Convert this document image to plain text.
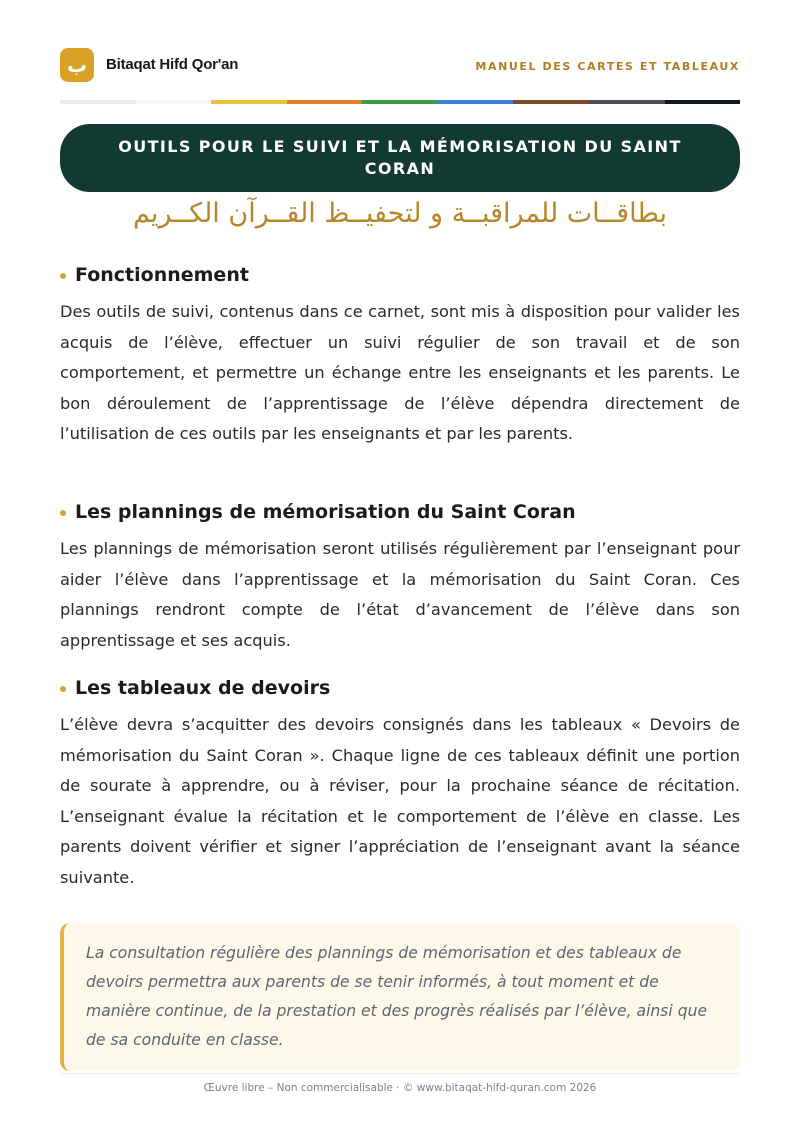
ب	Bitaqat Hifd Qor'an	MANUEL DES CARTES ET TABLEAUX
OUTILS POUR LE SUIVI ET LA MÉMORISATION DU SAINT CORAN
بطاقــات للمراقبــة و لتحفيــظ القــرآن الكــريم
Fonctionnement

Des outils de suivi, contenus dans ce carnet, sont mis à disposition pour valider les acquis de l’élève, effectuer un suivi régulier de son travail et de son comportement, et permettre un échange entre les enseignants et les parents. Le bon déroulement de l’apprentissage de l’élève dépendra directement de l’utilisation de ces outils par les enseignants et par les parents.

Les plannings de mémorisation du Saint Coran

Les plannings de mémorisation seront utilisés régulièrement par l’enseignant pour aider l’élève dans l’apprentissage et la mémorisation du Saint Coran. Ces plannings rendront compte de l’état d’avancement de l’élève dans son apprentissage et ses acquis.

Les tableaux de devoirs

L’élève devra s’acquitter des devoirs consignés dans les tableaux « Devoirs de mémorisation du Saint Coran ». Chaque ligne de ces tableaux définit une portion de sourate à apprendre, ou à réviser, pour la prochaine séance de récitation. L’enseignant évalue la récitation et le comportement de l’élève en classe. Les parents doivent vérifier et signer l’appréciation de l’enseignant avant la séance suivante.

La consultation régulière des plannings de mémorisation et des tableaux de devoirs permettra aux parents de se tenir informés, à tout moment et de manière continue, de la prestation et des progrès réalisés par l’élève, ainsi que de sa conduite en classe.

Œuvre libre – Non commercialisable · © www.bitaqat-hifd-quran.com 2026
